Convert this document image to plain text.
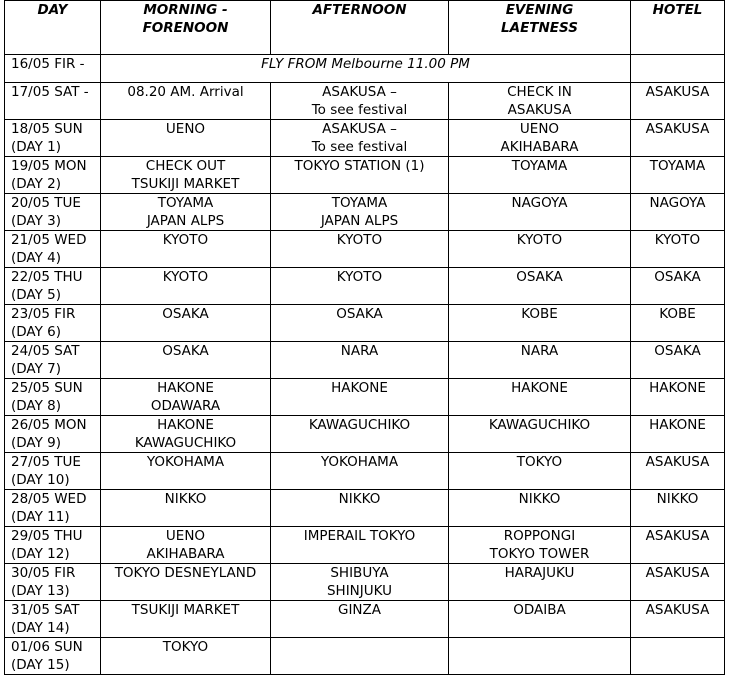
DAY	MORNING -
FORENOON	AFTERNOON	EVENING
LAETNESS	HOTEL

16/05 FIR -	FLY FROM Melbourne 11.00 PM			

17/05 SAT -	08.20 AM. Arrival	ASAKUSA –
To see festival	CHECK IN
ASAKUSA	ASAKUSA

18/05 SUN
(DAY 1)	UENO	ASAKUSA –
To see festival	UENO
AKIHABARA	ASAKUSA

19/05 MON
(DAY 2)	CHECK OUT
TSUKIJI MARKET	TOKYO STATION (1)	TOYAMA	TOYAMA

20/05 TUE
(DAY 3)	TOYAMA
JAPAN ALPS	TOYAMA
JAPAN ALPS	NAGOYA	NAGOYA

21/05 WED
(DAY 4)	KYOTO	KYOTO	KYOTO	KYOTO

22/05 THU
(DAY 5)	KYOTO	KYOTO	OSAKA	OSAKA

23/05 FIR
(DAY 6)	OSAKA	OSAKA	KOBE	KOBE

24/05 SAT
(DAY 7)	OSAKA	NARA	NARA	OSAKA

25/05 SUN
(DAY 8)	HAKONE
ODAWARA	HAKONE	HAKONE	HAKONE

26/05 MON
(DAY 9)	HAKONE
KAWAGUCHIKO	KAWAGUCHIKO	KAWAGUCHIKO	HAKONE

27/05 TUE
(DAY 10)	YOKOHAMA	YOKOHAMA	TOKYO	ASAKUSA

28/05 WED
(DAY 11)	NIKKO	NIKKO	NIKKO	NIKKO

29/05 THU
(DAY 12)	UENO
AKIHABARA	IMPERAIL TOKYO	ROPPONGI
TOKYO TOWER	ASAKUSA

30/05 FIR
(DAY 13)	TOKYO DESNEYLAND	SHIBUYA
SHINJUKU	HARAJUKU	ASAKUSA

31/05 SAT
(DAY 14)	TSUKIJI MARKET	GINZA	ODAIBA	ASAKUSA

01/06 SUN
(DAY 15)	TOKYO			
